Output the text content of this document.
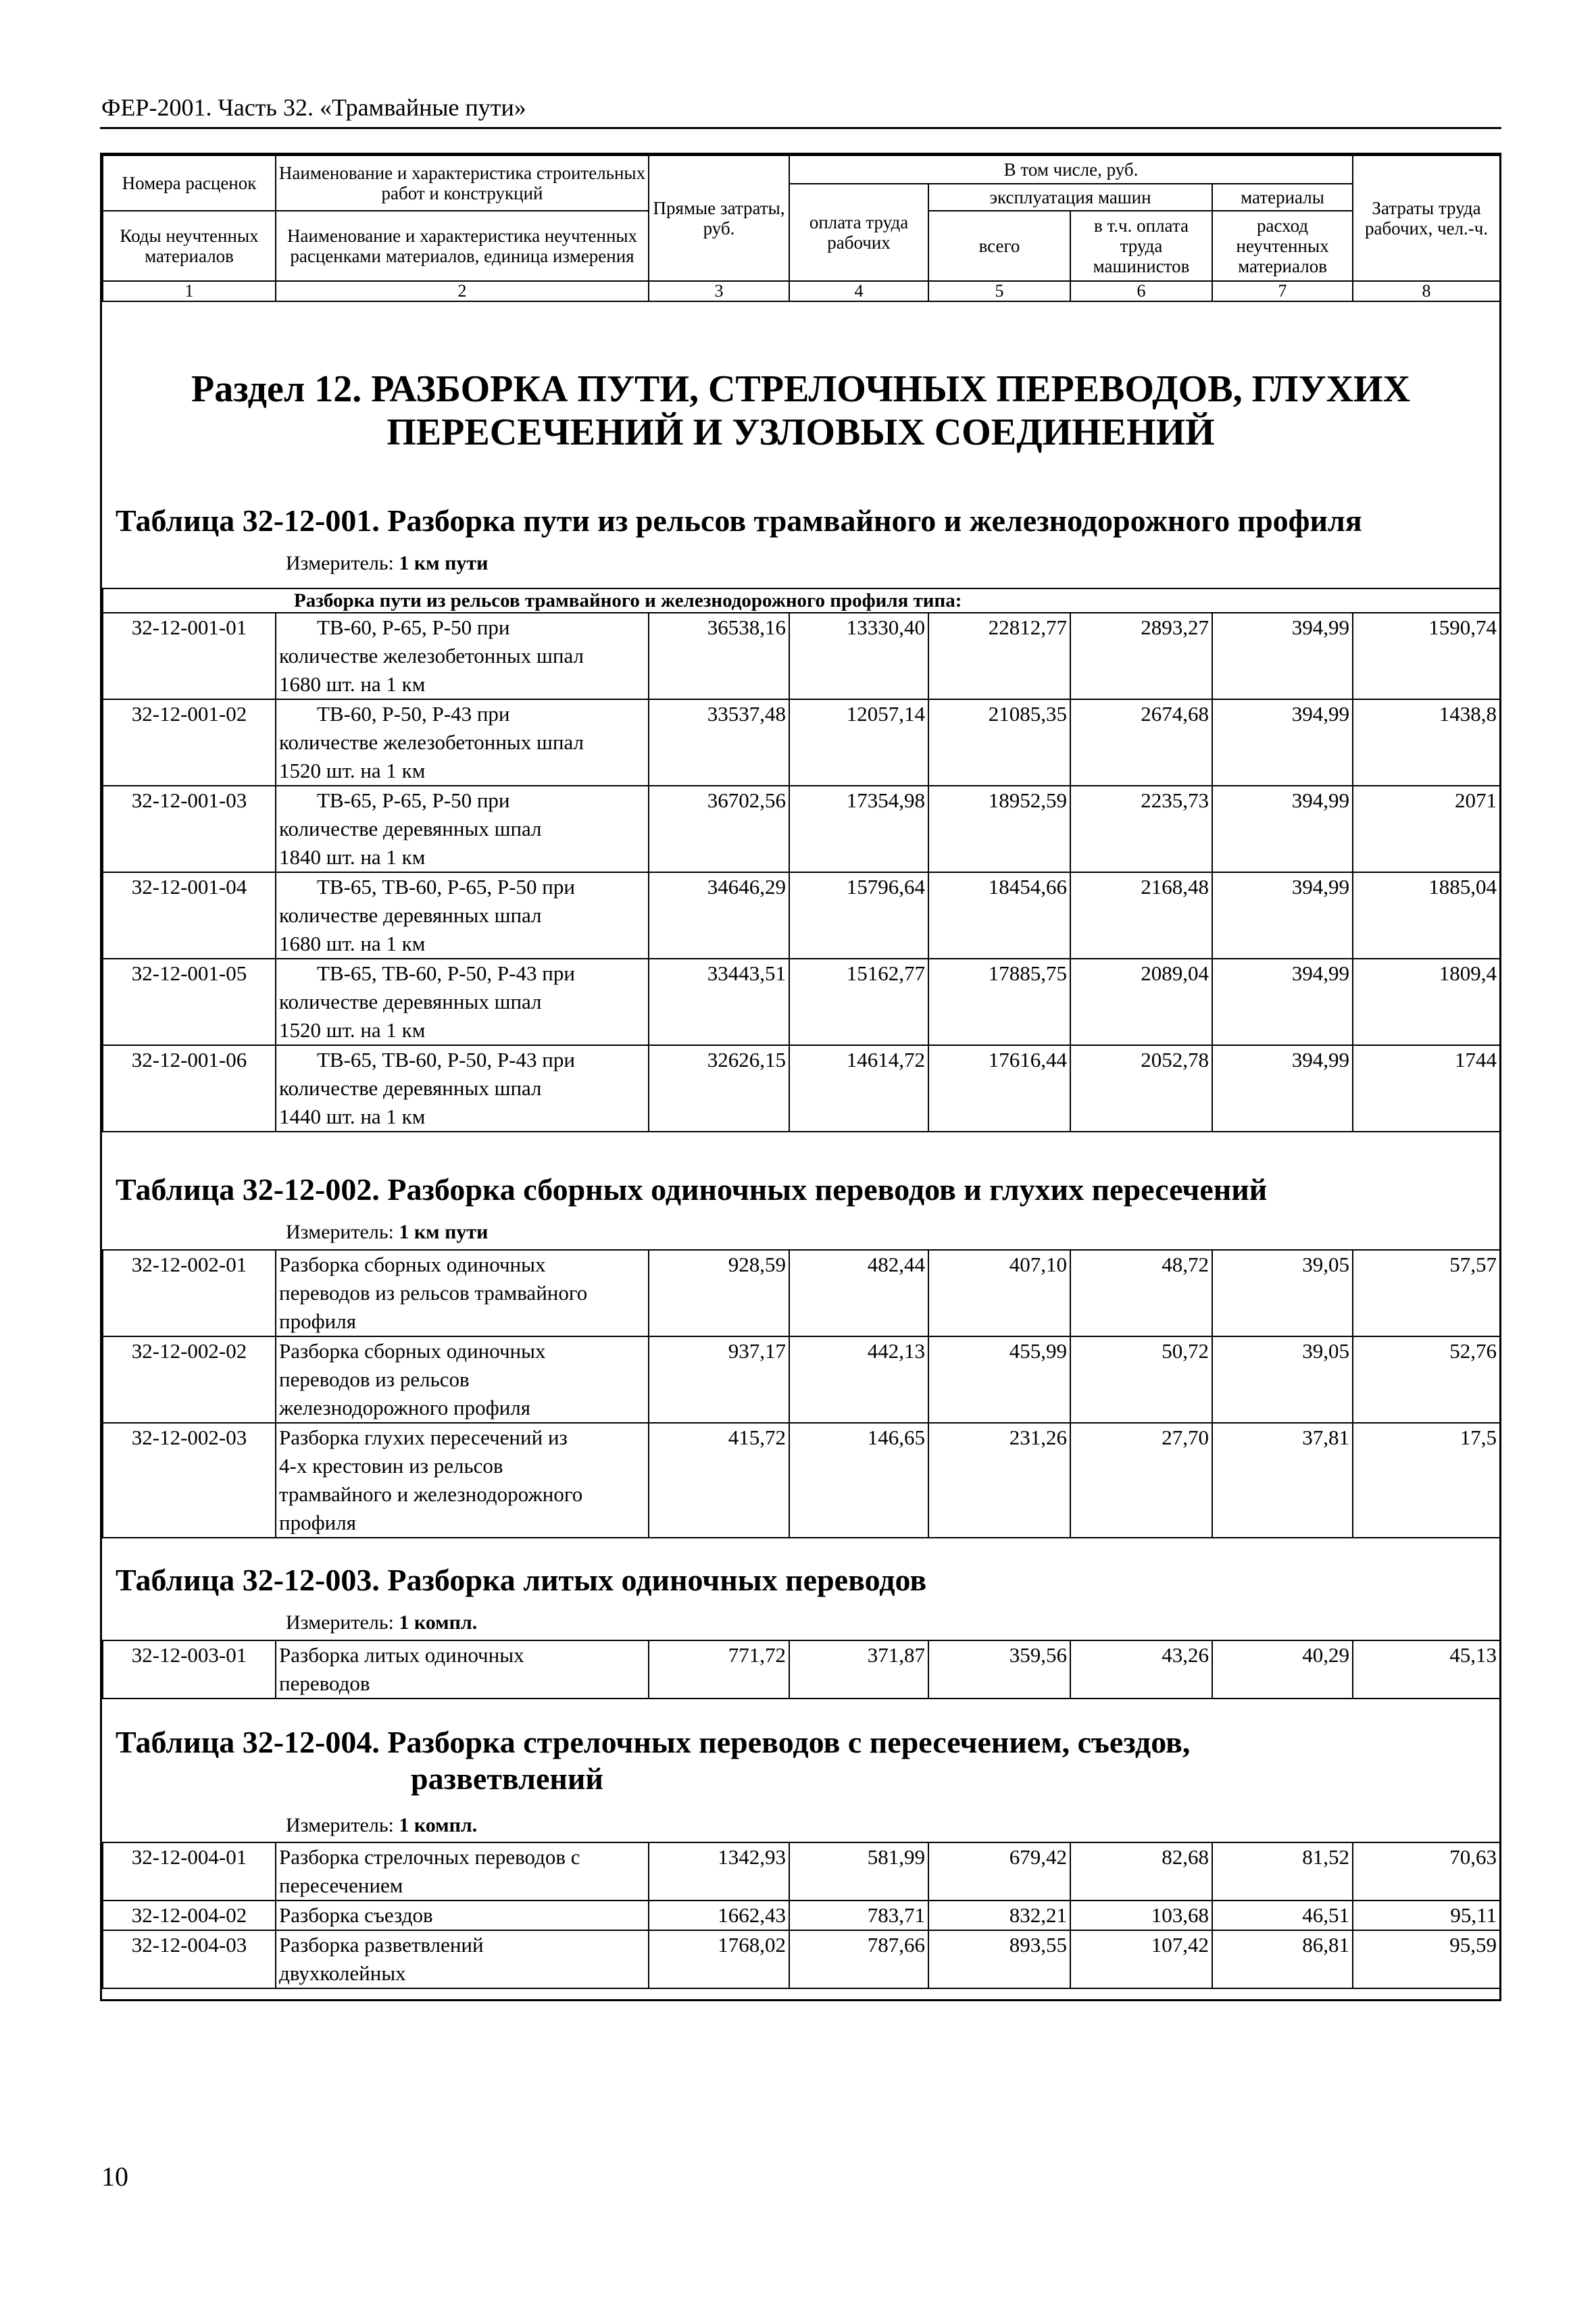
ФЕР-2001. Часть 32. «Трамвайные пути»
Номера расценок	Наименование и характеристика строительных работ и конструкций	Прямые затраты, руб.	В том числе, руб.				Затраты труда рабочих, чел.-ч.
			оплата труда рабочих	эксплуатация машин		материалы	
Коды неучтенных материалов	Наименование и характеристика неучтенных расценками материалов, единица измерения			всего	в т.ч. оплата труда машинистов	расход неучтенных материалов	

1	2	3	4	5	6	7	8
Раздел 12. РАЗБОРКА ПУТИ, СТРЕЛОЧНЫХ ПЕРЕВОДОВ, ГЛУХИХ ПЕРЕСЕЧЕНИЙ И УЗЛОВЫХ СОЕДИНЕНИЙ
Таблица 32-12-001. Разборка пути из рельсов трамвайного и железнодорожного профиля
Измеритель: 1 км пути
Разборка пути из рельсов трамвайного и железнодорожного профиля типа:							
32-12-001-01	ТВ-60, Р-65, Р-50 при
количестве железобетонных шпал
1680 шт. на 1 км	36538,16	13330,40	22812,77	2893,27	394,99	1590,74
32-12-001-02	ТВ-60, Р-50, Р-43 при
количестве железобетонных шпал
1520 шт. на 1 км	33537,48	12057,14	21085,35	2674,68	394,99	1438,8
32-12-001-03	ТВ-65, Р-65, Р-50 при
количестве деревянных шпал
1840 шт. на 1 км	36702,56	17354,98	18952,59	2235,73	394,99	2071
32-12-001-04	ТВ-65, ТВ-60, Р-65, Р-50 при
количестве деревянных шпал
1680 шт. на 1 км	34646,29	15796,64	18454,66	2168,48	394,99	1885,04
32-12-001-05	ТВ-65, ТВ-60, Р-50, Р-43 при
количестве деревянных шпал
1520 шт. на 1 км	33443,51	15162,77	17885,75	2089,04	394,99	1809,4
32-12-001-06	ТВ-65, ТВ-60, Р-50, Р-43 при
количестве деревянных шпал
1440 шт. на 1 км	32626,15	14614,72	17616,44	2052,78	394,99	1744
Таблица 32-12-002. Разборка сборных одиночных переводов и глухих пересечений
Измеритель: 1 км пути
32-12-002-01	Разборка сборных одиночных
переводов из рельсов трамвайного
профиля	928,59	482,44	407,10	48,72	39,05	57,57
32-12-002-02	Разборка сборных одиночных
переводов из рельсов
железнодорожного профиля	937,17	442,13	455,99	50,72	39,05	52,76
32-12-002-03	Разборка глухих пересечений из
4-х крестовин из рельсов
трамвайного и железнодорожного
профиля	415,72	146,65	231,26	27,70	37,81	17,5
Таблица 32-12-003. Разборка литых одиночных переводов
Измеритель: 1 компл.
32-12-003-01	Разборка литых одиночных
переводов	771,72	371,87	359,56	43,26	40,29	45,13
Таблица 32-12-004. Разборка стрелочных переводов с пересечением, съездов,
разветвлений
Измеритель: 1 компл.
32-12-004-01	Разборка стрелочных переводов с
пересечением	1342,93	581,99	679,42	82,68	81,52	70,63
32-12-004-02	Разборка съездов	1662,43	783,71	832,21	103,68	46,51	95,11
32-12-004-03	Разборка разветвлений
двухколейных	1768,02	787,66	893,55	107,42	86,81	95,59
10
